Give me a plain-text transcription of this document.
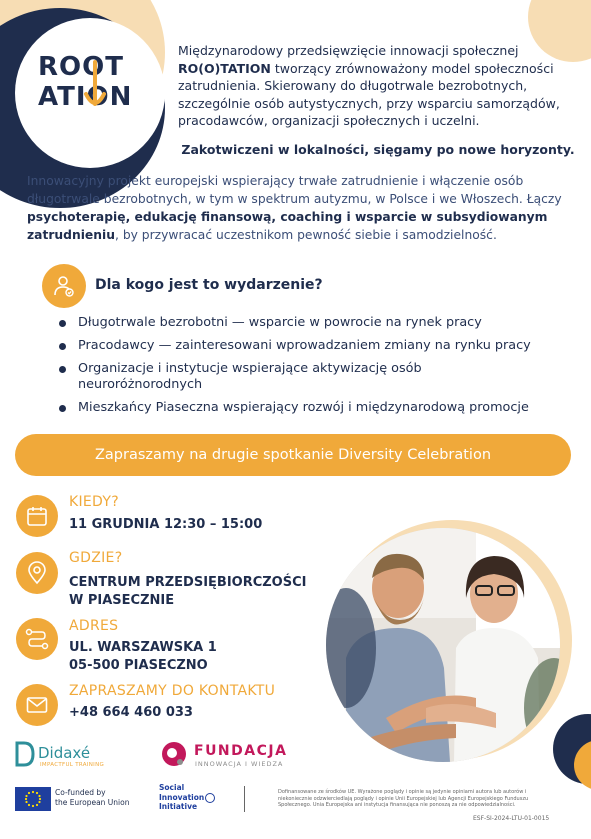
ROOT
ATION
Międzynarodowy przedsięwzięcie innowacji społecznej RO(O)TATION tworzący zrównoważony model społeczności zatrudnienia. Skierowany do długotrwale bezrobotnych, szczególnie osób autystycznych, przy wsparciu samorządów, pracodawców, organizacji społecznych i uczelni.
Zakotwiczeni w lokalności, sięgamy po nowe horyzonty.
Innowacyjny projekt europejski wspierający trwałe zatrudnienie i włączenie osób długotrwale bezrobotnych, w tym w spektrum autyzmu, w Polsce i we Włoszech. Łączy psychoterapię, edukację finansową, coaching i wsparcie w subsydiowanym zatrudnieniu, by przywracać uczestnikom pewność siebie i samodzielność.
Dla kogo jest to wydarzenie?
Długotrwale bezrobotni — wsparcie w powrocie na rynek pracy
Pracodawcy — zainteresowani wprowadzaniem zmiany na rynku pracy
Organizacje i instytucje wspierające aktywizację osób neuroróżnorodnych
Mieszkańcy Piaseczna wspierający rozwój i międzynarodową promocje
Zapraszamy na drugie spotkanie Diversity Celebration
KIEDY?
11 GRUDNIA 12:30 – 15:00
GDZIE?
CENTRUM PRZEDSIĘBIORCZOŚCI
W PIASECZNIE
ADRES
UL. WARSZAWSKA 1
05-500 PIASECZNO
ZAPRASZAMY DO KONTAKTU
+48 664 460 033
Didaxé
IMPACTFUL TRAINING
FUNDACJA
INNOWACJA I WIEDZA
Co-funded by
the European Union
Social
Innovation
Initiative
Dofinansowane ze środków UE. Wyrażone poglądy i opinie są jedynie opiniami autora lub autorów i niekoniecznie odzwierciedlają poglądy i opinie Unii Europejskiej lub Agencji Europejskiego Funduszu Społecznego. Unia Europejska ani instytucja finansująca nie ponoszą za nie odpowiedzialności.
ESF-SI-2024-LTU-01-0015
